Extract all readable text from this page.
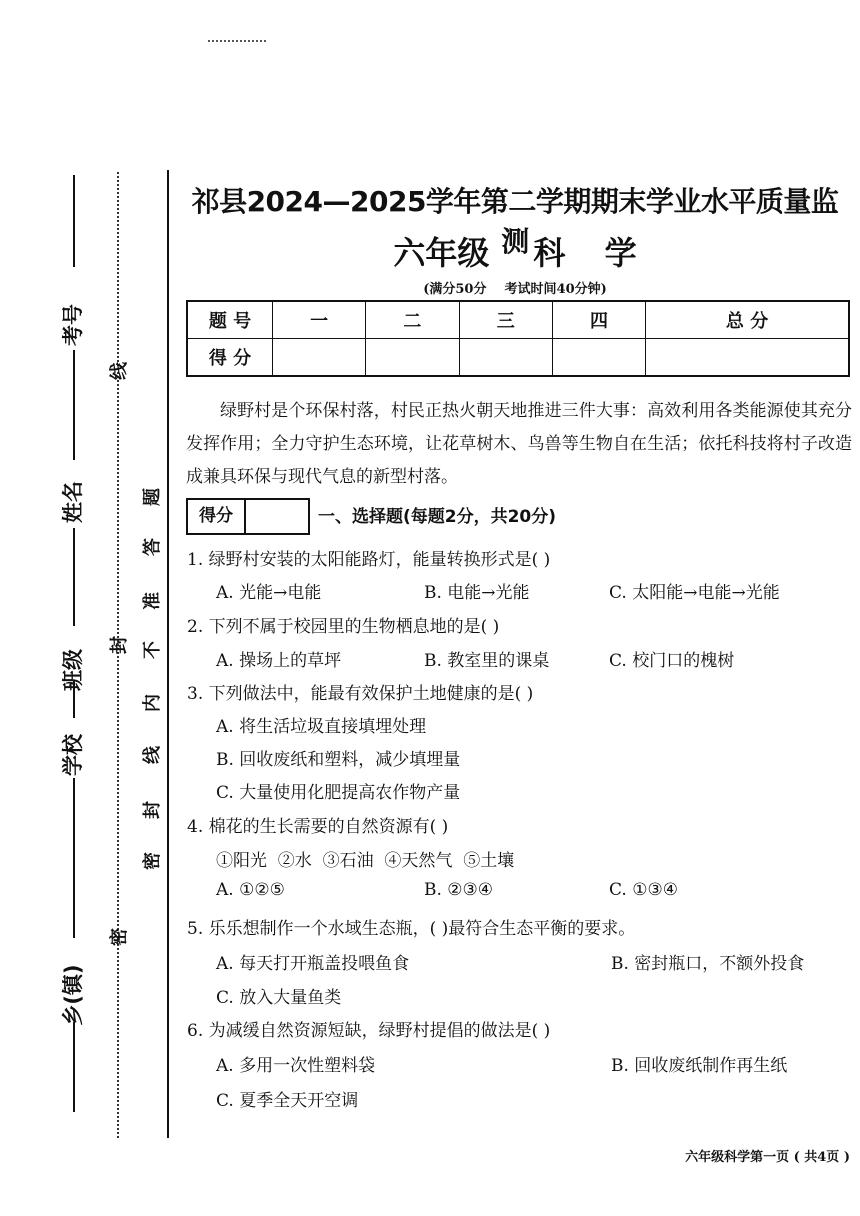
考号
姓名
班级
学校
乡(镇)
线
封
密
题
答
准
不
内
线
封
密
祁县2024—2025学年第二学期期末学业水平质量监测
六年级 科 学
(满分50分    考试时间40分钟)
题 号	一	二	三	四	总 分
得 分					
绿野村是个环保村落，村民正热火朝天地推进三件大事：高效利用各类能源使其充分发挥作用；全力守护生态环境，让花草树木、鸟兽等生物自在生活；依托科技将村子改造成兼具环保与现代气息的新型村落。
得分	一、选择题(每题2分，共20分)
1. 绿野村安装的太阳能路灯，能量转换形式是( )
A. 光能→电能	B. 电能→光能	C. 太阳能→电能→光能
2. 下列不属于校园里的生物栖息地的是( )
A. 操场上的草坪	B. 教室里的课桌	C. 校门口的槐树
3. 下列做法中，能最有效保护土地健康的是( )
A. 将生活垃圾直接填埋处理
B. 回收废纸和塑料，减少填埋量
C. 大量使用化肥提高农作物产量
4. 棉花的生长需要的自然资源有( )
①阳光  ②水  ③石油  ④天然气  ⑤土壤
A. ①②⑤	B. ②③④	C. ①③④
5. 乐乐想制作一个水域生态瓶，( )最符合生态平衡的要求。
A. 每天打开瓶盖投喂鱼食	B. 密封瓶口，不额外投食
C. 放入大量鱼类
6. 为减缓自然资源短缺，绿野村提倡的做法是( )
A. 多用一次性塑料袋	B. 回收废纸制作再生纸
C. 夏季全天开空调
六年级科学第一页 ( 共4页 )
